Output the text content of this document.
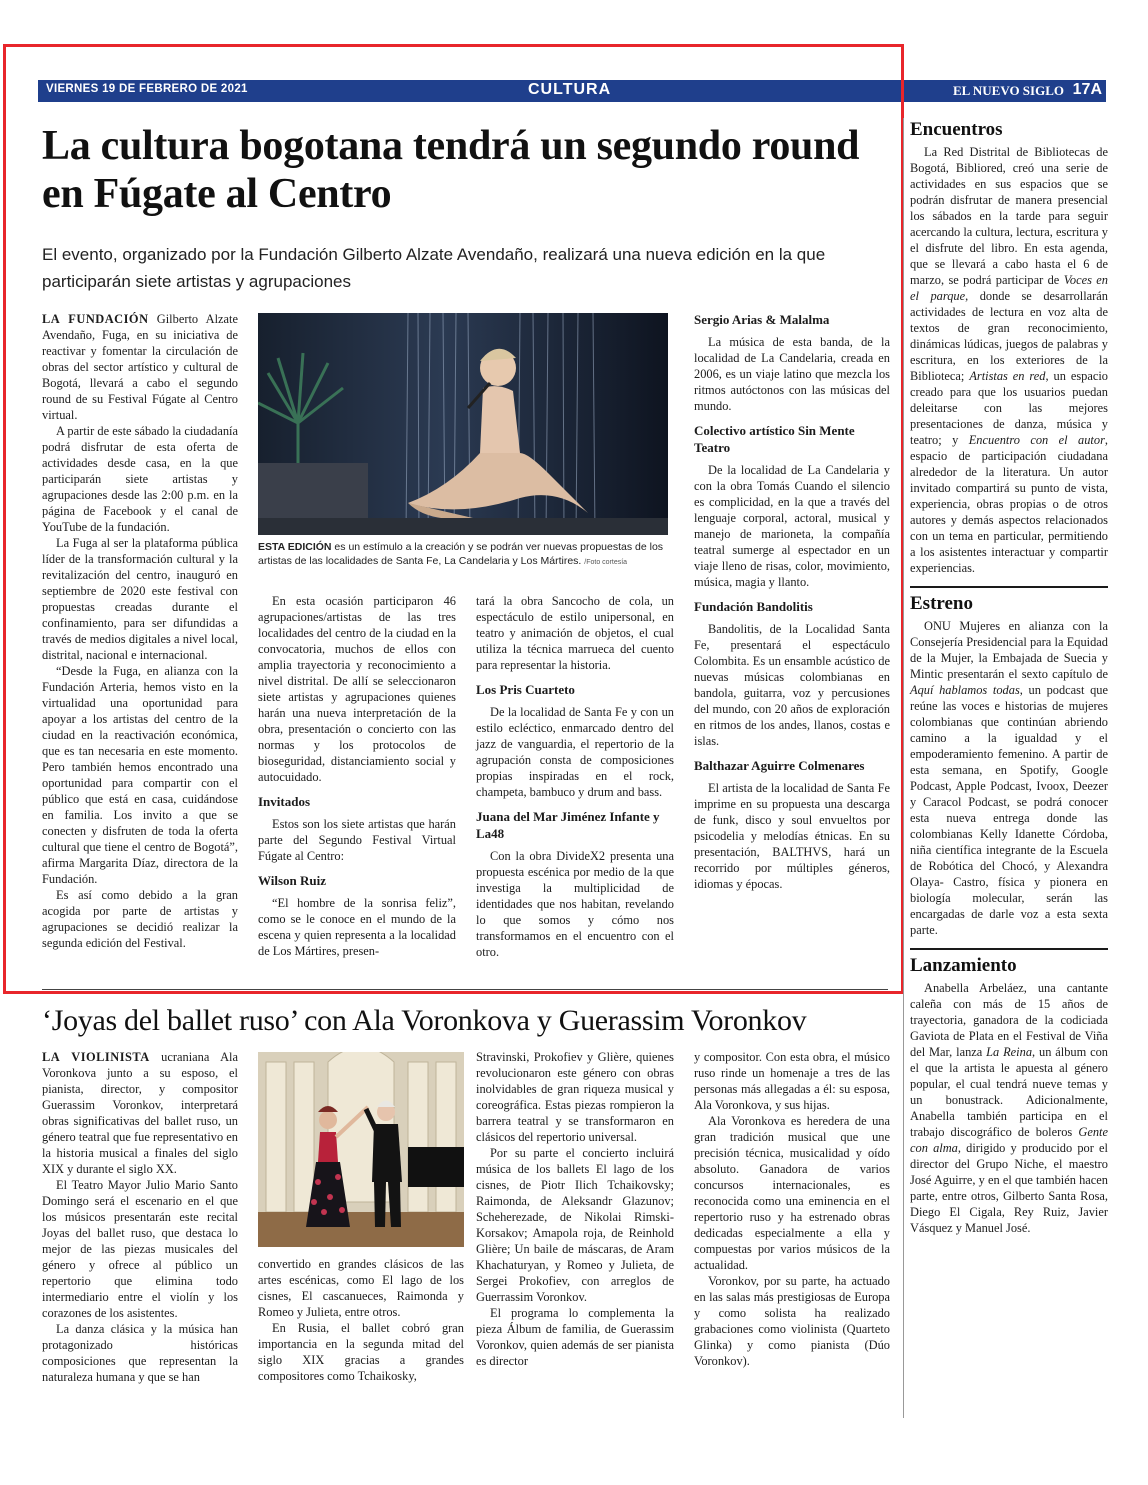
VIERNES 19 DE FEBRERO DE 2021	CULTURA	EL NUEVO SIGLO 17A
La cultura bogotana tendrá un segundo round en Fúgate al Centro
El evento, organizado por la Fundación Gilberto Alzate Avendaño, realizará una nueva edición en la que participarán siete artistas y agrupaciones

LA FUNDACIÓN Gilberto Alzate Avendaño, Fuga, en su iniciativa de reactivar y fomentar la circulación de obras del sector artístico y cultural de Bogotá, llevará a cabo el segundo round de su Festival Fúgate al Centro virtual.

A partir de este sábado la ciudadanía podrá disfrutar de esta oferta de actividades desde casa, en la que participarán siete artistas y agrupaciones desde las 2:00 p.m. en la página de Facebook y el canal de YouTube de la fundación.

La Fuga al ser la plataforma pública líder de la transformación cultural y la revitalización del centro, inauguró en septiembre de 2020 este festival con propuestas creadas durante el confinamiento, para ser difundidas a través de medios digitales a nivel local, distrital, nacional e internacional.

“Desde la Fuga, en alianza con la Fundación Arteria, hemos visto en la virtualidad una oportunidad para apoyar a los artistas del centro de la ciudad en la reactivación económica, que es tan necesaria en este momento. Pero también hemos encontrado una oportunidad para compartir con el público que está en casa, cuidándose en familia. Los invito a que se conecten y disfruten de toda la oferta cultural que tiene el centro de Bogotá”, afirma Margarita Díaz, directora de la Fundación.

Es así como debido a la gran acogida por parte de artistas y agrupaciones se decidió realizar la segunda edición del Festival.

ESTA EDICIÓN es un estímulo a la creación y se podrán ver nuevas propuestas de los artistas de las localidades de Santa Fe, La Candelaria y Los Mártires. /Foto cortesía

En esta ocasión participaron 46 agrupaciones/artistas de las tres localidades del centro de la ciudad en la convocatoria, muchos de ellos con amplia trayectoria y reconocimiento a nivel distrital. De allí se seleccionaron siete artistas y agrupaciones quienes harán una nueva interpretación de la obra, presentación o concierto con las normas y los protocolos de bioseguridad, distanciamiento social y autocuidado.

Invitados

Estos son los siete artistas que harán parte del Segundo Festival Virtual Fúgate al Centro:

Wilson Ruiz

“El hombre de la sonrisa feliz”, como se le conoce en el mundo de la escena y quien representa a la localidad de Los Mártires, presen-

tará la obra Sancocho de cola, un espectáculo de estilo unipersonal, en teatro y animación de objetos, el cual utiliza la técnica marrueca del cuento para representar la historia.

Los Pris Cuarteto

De la localidad de Santa Fe y con un estilo ecléctico, enmarcado dentro del jazz de vanguardia, el repertorio de la agrupación consta de composiciones propias inspiradas en el rock, champeta, bambuco y drum and bass.

Juana del Mar Jiménez Infante y La48

Con la obra DivideX2 presenta una propuesta escénica por medio de la que investiga la multiplicidad de identidades que nos habitan, revelando lo que somos y cómo nos transformamos en el encuentro con el otro.

Sergio Arias & Malalma

La música de esta banda, de la localidad de La Candelaria, creada en 2006, es un viaje latino que mezcla los ritmos autóctonos con las músicas del mundo.

Colectivo artístico Sin Mente Teatro

De la localidad de La Candelaria y con la obra Tomás Cuando el silencio es complicidad, en la que a través del lenguaje corporal, actoral, musical y manejo de marioneta, la compañía teatral sumerge al espectador en un viaje lleno de risas, color, movimiento, música, magia y llanto.

Fundación Bandolitis

Bandolitis, de la Localidad Santa Fe, presentará el espectáculo Colombita. Es un ensamble acústico de nuevas músicas colombianas en bandola, guitarra, voz y percusiones del mundo, con 20 años de exploración en ritmos de los andes, llanos, costas e islas.

Balthazar Aguirre Colmenares

El artista de la localidad de Santa Fe imprime en su propuesta una descarga de funk, disco y soul envueltos por psicodelia y melodías étnicas. En su presentación, BALTHVS, hará un recorrido por múltiples géneros, idiomas y épocas.

‘Joyas del ballet ruso’ con Ala Voronkova y Guerassim Voronkov

LA VIOLINISTA ucraniana Ala Voronkova junto a su esposo, el pianista, director, y compositor Guerassim Voronkov, interpretará obras significativas del ballet ruso, un género teatral que fue representativo en la historia musical a finales del siglo XIX y durante el siglo XX.

El Teatro Mayor Julio Mario Santo Domingo será el escenario en el que los músicos presentarán este recital Joyas del ballet ruso, que destaca lo mejor de las piezas musicales del género y ofrece al público un repertorio que elimina todo intermediario entre el violín y los corazones de los asistentes.

La danza clásica y la música han protagonizado históricas composiciones que representan la naturaleza humana y que se han

convertido en grandes clásicos de las artes escénicas, como El lago de los cisnes, El cascanueces, Raimonda y Romeo y Julieta, entre otros.

En Rusia, el ballet cobró gran importancia en la segunda mitad del siglo XIX gracias a grandes compositores como Tchaikosky,

Stravinski, Prokofiev y Glière, quienes revolucionaron este género con obras inolvidables de gran riqueza musical y coreográfica. Estas piezas rompieron la barrera teatral y se transformaron en clásicos del repertorio universal.

Por su parte el concierto incluirá música de los ballets El lago de los cisnes, de Piotr Ilich Tchaikovsky; Raimonda, de Aleksandr Glazunov; Scheherezade, de Nikolai Rimski-Korsakov; Amapola roja, de Reinhold Glière; Un baile de máscaras, de Aram Khachaturyan, y Romeo y Julieta, de Sergei Prokofiev, con arreglos de Guerrassim Voronkov.

El programa lo complementa la pieza Álbum de familia, de Guerassim Voronkov, quien además de ser pianista es director

y compositor. Con esta obra, el músico ruso rinde un homenaje a tres de las personas más allegadas a él: su esposa, Ala Voronkova, y sus hijas.

Ala Voronkova es heredera de una gran tradición musical que une precisión técnica, musicalidad y oído absoluto. Ganadora de varios concursos internacionales, es reconocida como una eminencia en el repertorio ruso y ha estrenado obras dedicadas especialmente a ella y compuestas por varios músicos de la actualidad.

Voronkov, por su parte, ha actuado en las salas más prestigiosas de Europa y como solista ha realizado grabaciones como violinista (Quarteto Glinka) y como pianista (Dúo Voronkov).

Encuentros

La Red Distrital de Bibliotecas de Bogotá, Bibliored, creó una serie de actividades en sus espacios que se podrán disfrutar de manera presencial los sábados en la tarde para seguir acercando la cultura, lectura, escritura y el disfrute del libro. En esta agenda, que se llevará a cabo hasta el 6 de marzo, se podrá participar de Voces en el parque, donde se desarrollarán actividades de lectura en voz alta de textos de gran reconocimiento, dinámicas lúdicas, juegos de palabras y escritura, en los exteriores de la Biblioteca; Artistas en red, un espacio creado para que los usuarios puedan deleitarse con las mejores presentaciones de danza, música y teatro; y Encuentro con el autor, espacio de participación ciudadana alrededor de la literatura. Un autor invitado compartirá su punto de vista, experiencia, obras propias o de otros autores y demás aspectos relacionados con un tema en particular, permitiendo a los asistentes interactuar y compartir experiencias.

Estreno

ONU Mujeres en alianza con la Consejería Presidencial para la Equidad de la Mujer, la Embajada de Suecia y Mintic presentarán el sexto capítulo de Aquí hablamos todas, un podcast que reúne las voces e historias de mujeres colombianas que continúan abriendo camino a la igualdad y el empoderamiento femenino. A partir de esta semana, en Spotify, Google Podcast, Apple Podcast, Ivoox, Deezer y Caracol Podcast, se podrá conocer esta nueva entrega donde las colombianas Kelly Idanette Córdoba, niña científica integrante de la Escuela de Robótica del Chocó, y Alexandra Olaya- Castro, física y pionera en biología molecular, serán las encargadas de darle voz a esta sexta parte.

Lanzamiento

Anabella Arbeláez, una cantante caleña con más de 15 años de trayectoria, ganadora de la codiciada Gaviota de Plata en el Festival de Viña del Mar, lanza La Reina, un álbum con el que la artista le apuesta al género popular, el cual tendrá nueve temas y un bonustrack. Adicionalmente, Anabella también participa en el trabajo discográfico de boleros Gente con alma, dirigido y producido por el director del Grupo Niche, el maestro José Aguirre, y en el que también hacen parte, entre otros, Gilberto Santa Rosa, Diego El Cigala, Rey Ruiz, Javier Vásquez y Manuel José.
